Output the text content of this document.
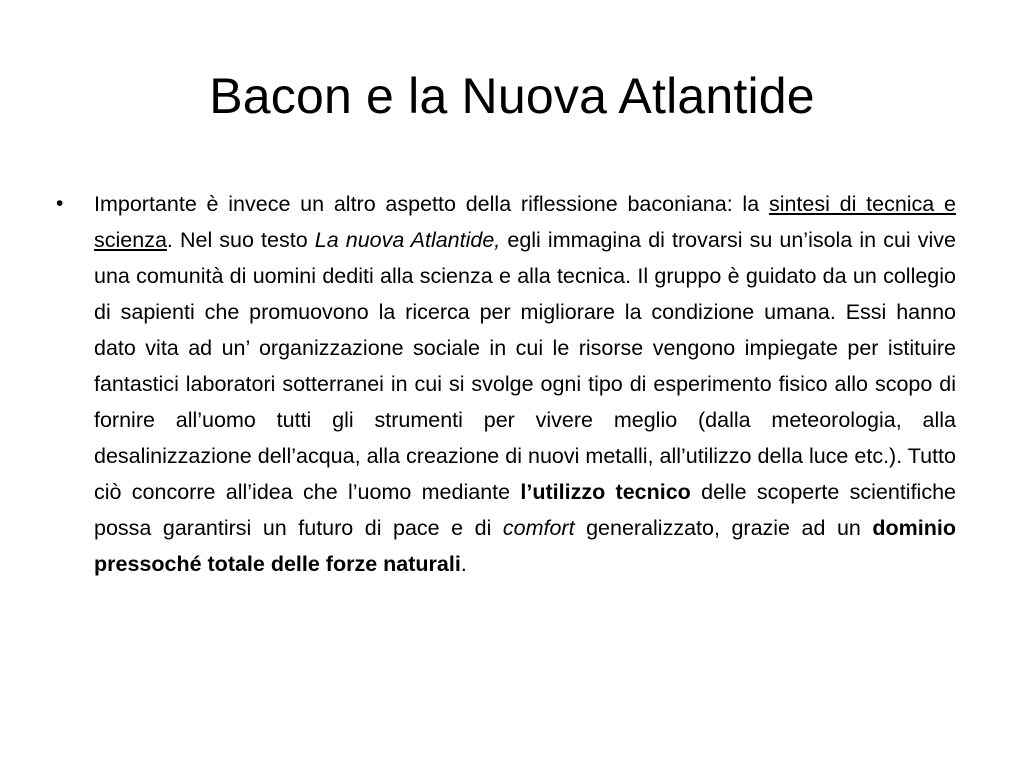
Bacon e la Nuova Atlantide
• Importante è invece un altro aspetto della riflessione baconiana: la sintesi di tecnica e scienza. Nel suo testo La nuova Atlantide, egli immagina di trovarsi su un’isola in cui vive una comunità di uomini dediti alla scienza e alla tecnica. Il gruppo è guidato da un collegio di sapienti che promuovono la ricerca per migliorare la condizione umana. Essi hanno dato vita ad un’ organizzazione sociale in cui le risorse vengono impiegate per istituire fantastici laboratori sotterranei in cui si svolge ogni tipo di esperimento fisico allo scopo di fornire all’uomo tutti gli strumenti per vivere meglio (dalla meteorologia, alla desalinizzazione dell’acqua, alla creazione di nuovi metalli, all’utilizzo della luce etc.). Tutto ciò concorre all’idea che l’uomo mediante l’utilizzo tecnico delle scoperte scientifiche possa garantirsi un futuro di pace e di comfort generalizzato, grazie ad un dominio pressoché totale delle forze naturali.
